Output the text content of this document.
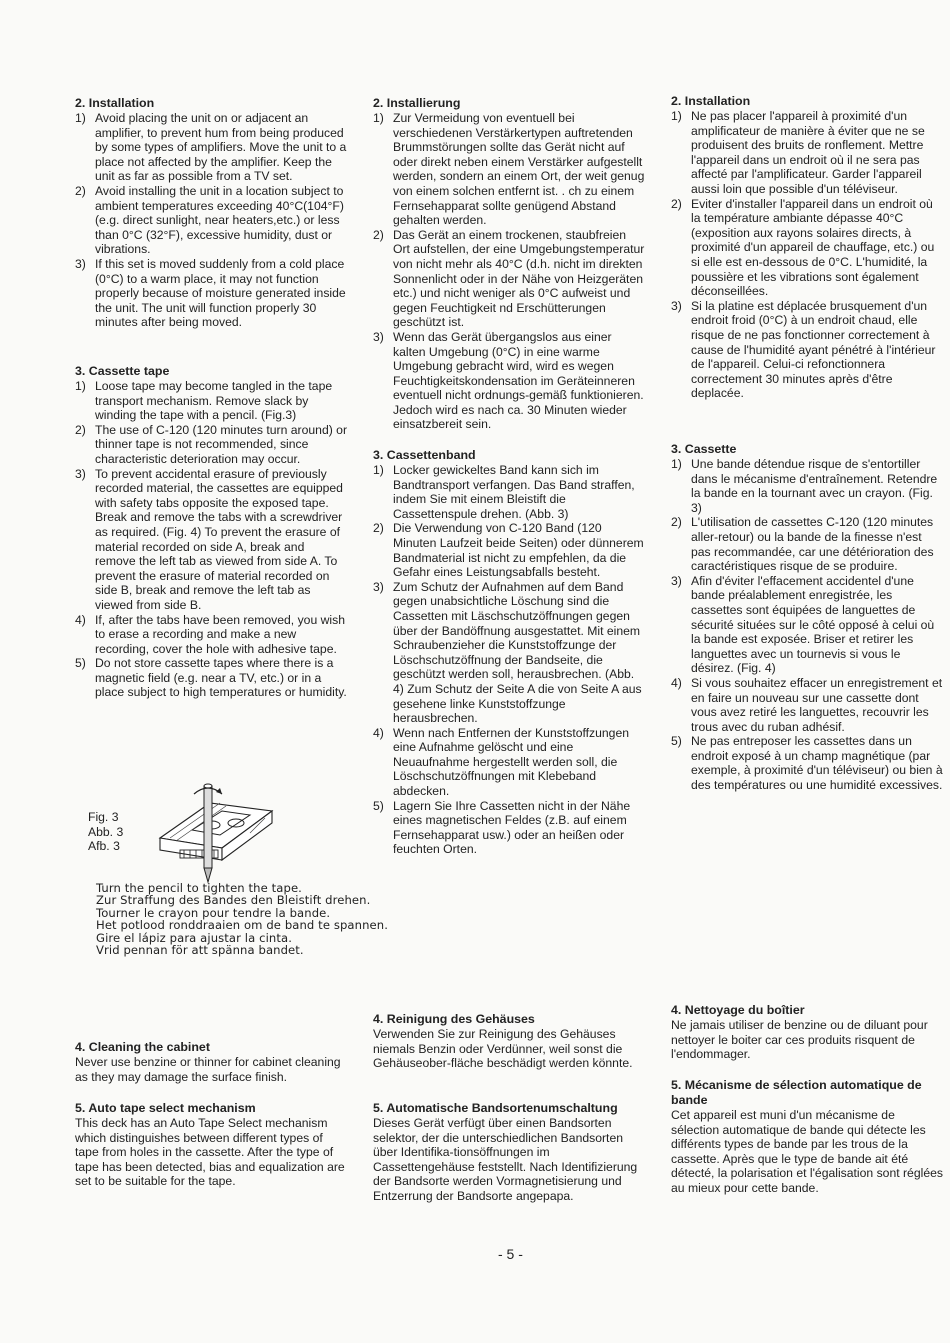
2. Installation
1) Avoid placing the unit on or adjacent an amplifier, to prevent hum from being produced by some types of amplifiers. Move the unit to a place not affected by the amplifier. Keep the unit as far as possible from a TV set.
2) Avoid installing the unit in a location subject to ambient temperatures exceeding 40°C(104°F) (e.g. direct sunlight, near heaters,etc.) or less than 0°C (32°F), excessive humidity, dust or vibrations.
3) If this set is moved suddenly from a cold place (0°C) to a warm place, it may not function properly because of moisture generated inside the unit. The unit will function properly 30 minutes after being moved.
3. Cassette tape
1) Loose tape may become tangled in the tape transport mechanism. Remove slack by winding the tape with a pencil. (Fig.3)
2) The use of C-120 (120 minutes turn around) or thinner tape is not recommended, since characteristic deterioration may occur.
3) To prevent accidental erasure of previously recorded material, the cassettes are equipped with safety tabs opposite the exposed tape. Break and remove the tabs with a screwdriver as required. (Fig. 4) To prevent the erasure of material recorded on side A, break and remove the left tab as viewed from side A. To prevent the erasure of material recorded on side B, break and remove the left tab as viewed from side B.
4) If, after the tabs have been removed, you wish to erase a recording and make a new recording, cover the hole with adhesive tape.
5) Do not store cassette tapes where there is a magnetic field (e.g. near a TV, etc.) or in a place subject to high temperatures or humidity.
Fig. 3
Abb. 3
Afb. 3
Turn the pencil to tighten the tape.
Zur Straffung des Bandes den Bleistift drehen.
Tourner le crayon pour tendre la bande.
Het potlood ronddraaien om de band te spannen.
Gire el lápiz para ajustar la cinta.
Vrid pennan för att spänna bandet.
4. Cleaning the cabinet

Never use benzine or thinner for cabinet cleaning as they may damage the surface finish.

5. Auto tape select mechanism

This deck has an Auto Tape Select mechanism which distinguishes between different types of tape from holes in the cassette. After the type of tape has been detected, bias and equalization are set to be suitable for the tape.

2. Installierung
1) Zur Vermeidung von eventuell bei verschiedenen Verstärkertypen auftretenden Brummstörungen sollte das Gerät nicht auf oder direkt neben einem Verstärker aufgestellt werden, sondern an einem Ort, der weit genug von einem solchen entfernt ist. . ch zu einem Fernsehapparat sollte genügend Abstand gehalten werden.
2) Das Gerät an einem trockenen, staubfreien Ort aufstellen, der eine Umgebungstemperatur von nicht mehr als 40°C (d.h. nicht im direkten Sonnenlicht oder in der Nähe von Heizgeräten etc.) und nicht weniger als 0°C aufweist und gegen Feuchtigkeit nd Erschütterungen geschützt ist.
3) Wenn das Gerät übergangslos aus einer kalten Umgebung (0°C) in eine warme Umgebung gebracht wird, wird es wegen Feuchtigkeitskondensation im Geräteinneren eventuell nicht ordnungs-gemäß funktionieren. Jedoch wird es nach ca. 30 Minuten wieder einsatzbereit sein.
3. Cassettenband
1) Locker gewickeltes Band kann sich im Bandtransport verfangen. Das Band straffen, indem Sie mit einem Bleistift die Cassettenspule drehen. (Abb. 3)
2) Die Verwendung von C-120 Band (120 Minuten Laufzeit beide Seiten) oder dünnerem Bandmaterial ist nicht zu empfehlen, da die Gefahr eines Leistungsabfalls besteht.
3) Zum Schutz der Aufnahmen auf dem Band gegen unabsichtliche Löschung sind die Cassetten mit Läschschutzöffnungen gegen über der Bandöffnung ausgestattet. Mit einem Schraubenzieher die Kunststoffzunge der Löschschutzöffnung der Bandseite, die geschützt werden soll, herausbrechen. (Abb. 4) Zum Schutz der Seite A die von Seite A aus gesehene linke Kunststoffzunge herausbrechen.
4) Wenn nach Entfernen der Kunststoffzungen eine Aufnahme gelöscht und eine Neuaufnahme hergestellt werden soll, die Löschschutzöffnungen mit Klebeband abdecken.
5) Lagern Sie Ihre Cassetten nicht in der Nähe eines magnetischen Feldes (z.B. auf einem Fernsehapparat usw.) oder an heißen oder feuchten Orten.
4. Reinigung des Gehäuses

Verwenden Sie zur Reinigung des Gehäuses niemals Benzin oder Verdünner, weil sonst die Gehäuseober-fläche beschädigt werden könnte.

5. Automatische Bandsortenumschaltung

Dieses Gerät verfügt über einen Bandsorten selektor, der die unterschiedlichen Bandsorten über Identifika-tionsöffnungen im Cassettengehäuse feststellt. Nach Identifizierung der Bandsorte werden Vormagnetisierung und Entzerrung der Bandsorte angepapa.

2. Installation
1) Ne pas placer l'appareil à proximité d'un amplificateur de manière à éviter que ne se produisent des bruits de ronflement. Mettre l'appareil dans un endroit où il ne sera pas affecté par l'amplificateur. Garder l'appareil aussi loin que possible d'un téléviseur.
2) Eviter d'installer l'appareil dans un endroit où la température ambiante dépasse 40°C (exposition aux rayons solaires directs, à proximité d'un appareil de chauffage, etc.) ou si elle est en-dessous de 0°C. L'humidité, la poussière et les vibrations sont également déconseillées.
3) Si la platine est déplacée brusquement d'un endroit froid (0°C) à un endroit chaud, elle risque de ne pas fonctionner correctement à cause de l'humidité ayant pénétré à l'intérieur de l'appareil. Celui-ci refonctionnera correctement 30 minutes après d'être deplacée.
3. Cassette
1) Une bande détendue risque de s'entortiller dans le mécanisme d'entraînement. Retendre la bande en la tournant avec un crayon. (Fig. 3)
2) L'utilisation de cassettes C-120 (120 minutes aller-retour) ou la bande de la finesse n'est pas recommandée, car une détérioration des caractéristiques risque de se produire.
3) Afin d'éviter l'effacement accidentel d'une bande préalablement enregistrée, les cassettes sont équipées de languettes de sécurité situées sur le côté opposé à celui où la bande est exposée. Briser et retirer les languettes avec un tournevis si vous le désirez. (Fig. 4)
4) Si vous souhaitez effacer un enregistrement et en faire un nouveau sur une cassette dont vous avez retiré les languettes, recouvrir les trous avec du ruban adhésif.
5) Ne pas entreposer les cassettes dans un endroit exposé à un champ magnétique (par exemple, à proximité d'un téléviseur) ou bien à des températures ou une humidité excessives.
4. Nettoyage du boîtier

Ne jamais utiliser de benzine ou de diluant pour nettoyer le boiter car ces produits risquent de l'endommager.

5. Mécanisme de sélection automatique de bande

Cet appareil est muni d'un mécanisme de sélection automatique de bande qui détecte les différents types de bande par les trous de la cassette. Après que le type de bande ait été détecté, la polarisation et l'égalisation sont réglées au mieux pour cette bande.

- 5 -
